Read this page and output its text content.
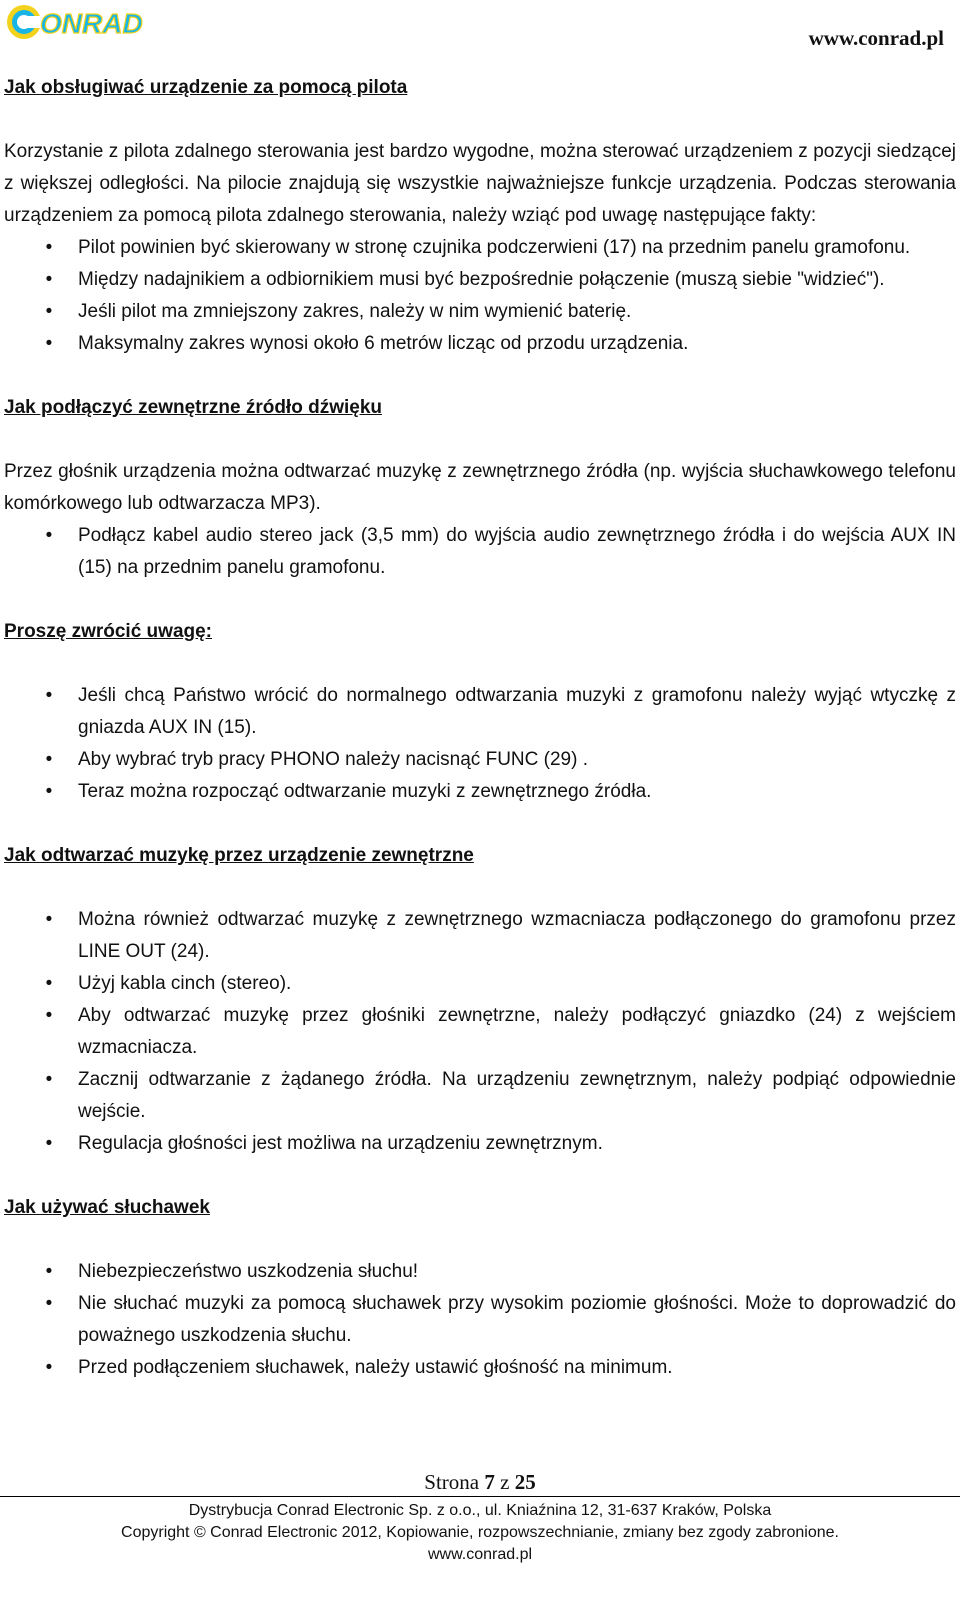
ONRAD	www.conrad.pl
Jak obsługiwać urządzenie za pomocą pilota

Korzystanie z pilota zdalnego sterowania jest bardzo wygodne, można sterować urządzeniem z pozycji siedzącej z większej odległości. Na pilocie znajdują się wszystkie najważniejsze funkcje urządzenia. Podczas sterowania urządzeniem za pomocą pilota zdalnego sterowania, należy wziąć pod uwagę następujące fakty:

• Pilot powinien być skierowany w stronę czujnika podczerwieni (17) na przednim panelu gramofonu.
• Między nadajnikiem a odbiornikiem musi być bezpośrednie połączenie (muszą siebie "widzieć").
• Jeśli pilot ma zmniejszony zakres, należy w nim wymienić baterię.
• Maksymalny zakres wynosi około 6 metrów licząc od przodu urządzenia.
Jak podłączyć zewnętrzne źródło dźwięku

Przez głośnik urządzenia można odtwarzać muzykę z zewnętrznego źródła (np. wyjścia słuchawkowego telefonu komórkowego lub odtwarzacza MP3).

• Podłącz kabel audio stereo jack (3,5 mm) do wyjścia audio zewnętrznego źródła i do wejścia AUX IN (15) na przednim panelu gramofonu.
Proszę zwrócić uwagę:
• Jeśli chcą Państwo wrócić do normalnego odtwarzania muzyki z gramofonu należy wyjąć wtyczkę z gniazda AUX IN (15).
• Aby wybrać tryb pracy PHONO należy nacisnąć FUNC (29) .
• Teraz można rozpocząć odtwarzanie muzyki z zewnętrznego źródła.
Jak odtwarzać muzykę przez urządzenie zewnętrzne
• Można również odtwarzać muzykę z zewnętrznego wzmacniacza podłączonego do gramofonu przez LINE OUT (24).
• Użyj kabla cinch (stereo).
• Aby odtwarzać muzykę przez głośniki zewnętrzne, należy podłączyć gniazdko (24) z wejściem wzmacniacza.
• Zacznij odtwarzanie z żądanego źródła. Na urządzeniu zewnętrznym, należy podpiąć odpowiednie wejście.
• Regulacja głośności jest możliwa na urządzeniu zewnętrznym.
Jak używać słuchawek
• Niebezpieczeństwo uszkodzenia słuchu!
• Nie słuchać muzyki za pomocą słuchawek przy wysokim poziomie głośności. Może to doprowadzić do poważnego uszkodzenia słuchu.
• Przed podłączeniem słuchawek, należy ustawić głośność na minimum.
Strona 7 z 25
Dystrybucja Conrad Electronic Sp. z o.o., ul. Kniaźnina 12, 31-637 Kraków, Polska
Copyright © Conrad Electronic 2012, Kopiowanie, rozpowszechnianie, zmiany bez zgody zabronione.
www.conrad.pl
